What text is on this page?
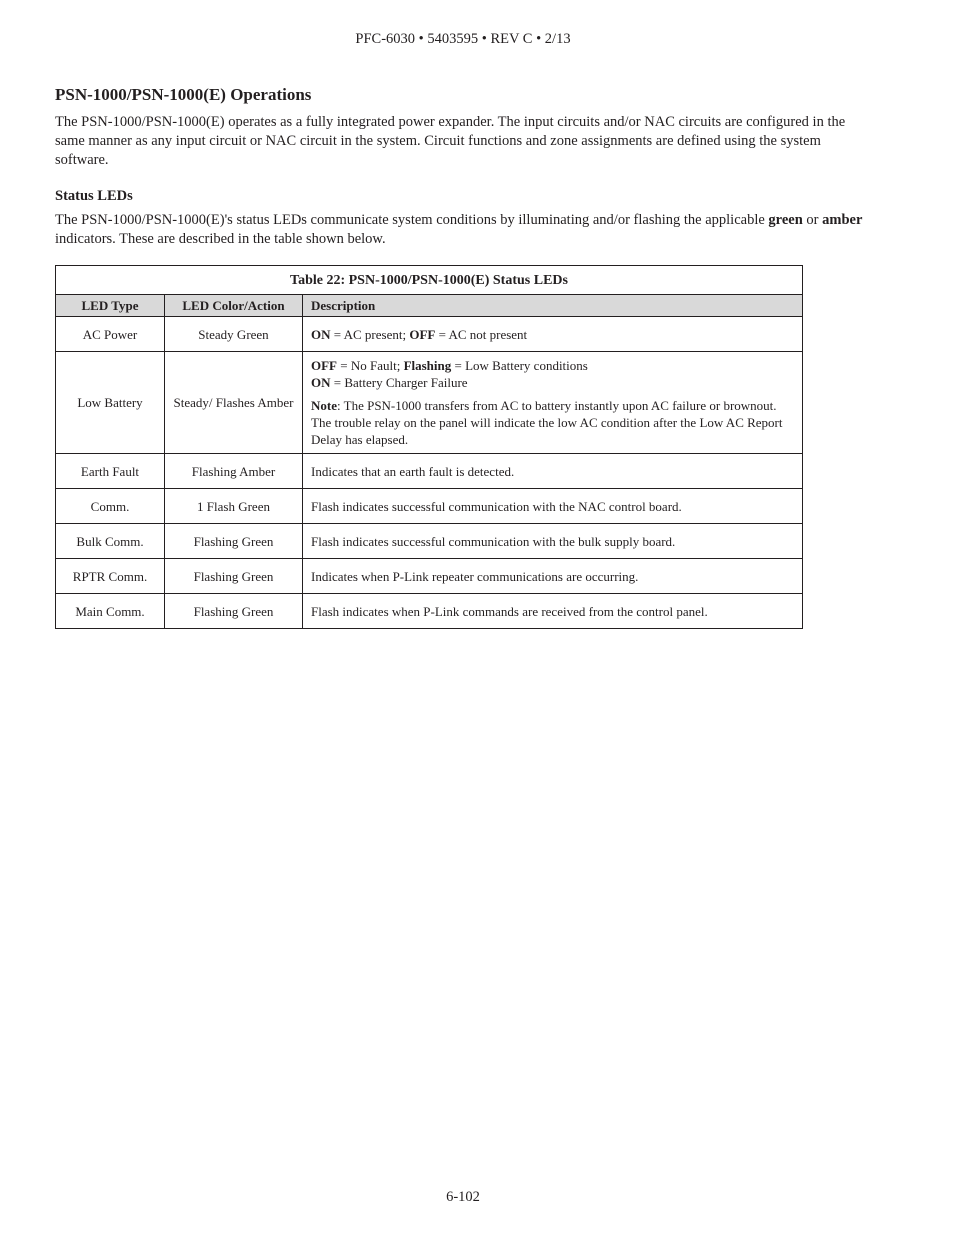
PFC-6030 • 5403595 • REV C • 2/13
PSN-1000/PSN-1000(E) Operations

The PSN-1000/PSN-1000(E) operates as a fully integrated power expander. The input circuits and/or NAC circuits are configured in the same manner as any input circuit or NAC circuit in the system. Circuit functions and zone assignments are defined using the system software.

Status LEDs

The PSN-1000/PSN-1000(E)'s status LEDs communicate system conditions by illuminating and/or flashing the applicable green or amber indicators. These are described in the table shown below.

Table 22: PSN-1000/PSN-1000(E) Status LEDs		
LED Type	LED Color/Action	Description
AC Power	Steady Green	ON = AC present; OFF = AC not present
Low Battery	Steady/ Flashes Amber	OFF = No Fault; Flashing = Low Battery conditions
ON = Battery Charger Failure
Note: The PSN-1000 transfers from AC to battery instantly upon AC failure or brownout. The trouble relay on the panel will indicate the low AC condition after the Low AC Report Delay has elapsed.

Earth Fault	Flashing Amber	Indicates that an earth fault is detected.
Comm.	1 Flash Green	Flash indicates successful communication with the NAC control board.
Bulk Comm.	Flashing Green	Flash indicates successful communication with the bulk supply board.
RPTR Comm.	Flashing Green	Indicates when P-Link repeater communications are occurring.
Main Comm.	Flashing Green	Flash indicates when P-Link commands are received from the control panel.
6-102
